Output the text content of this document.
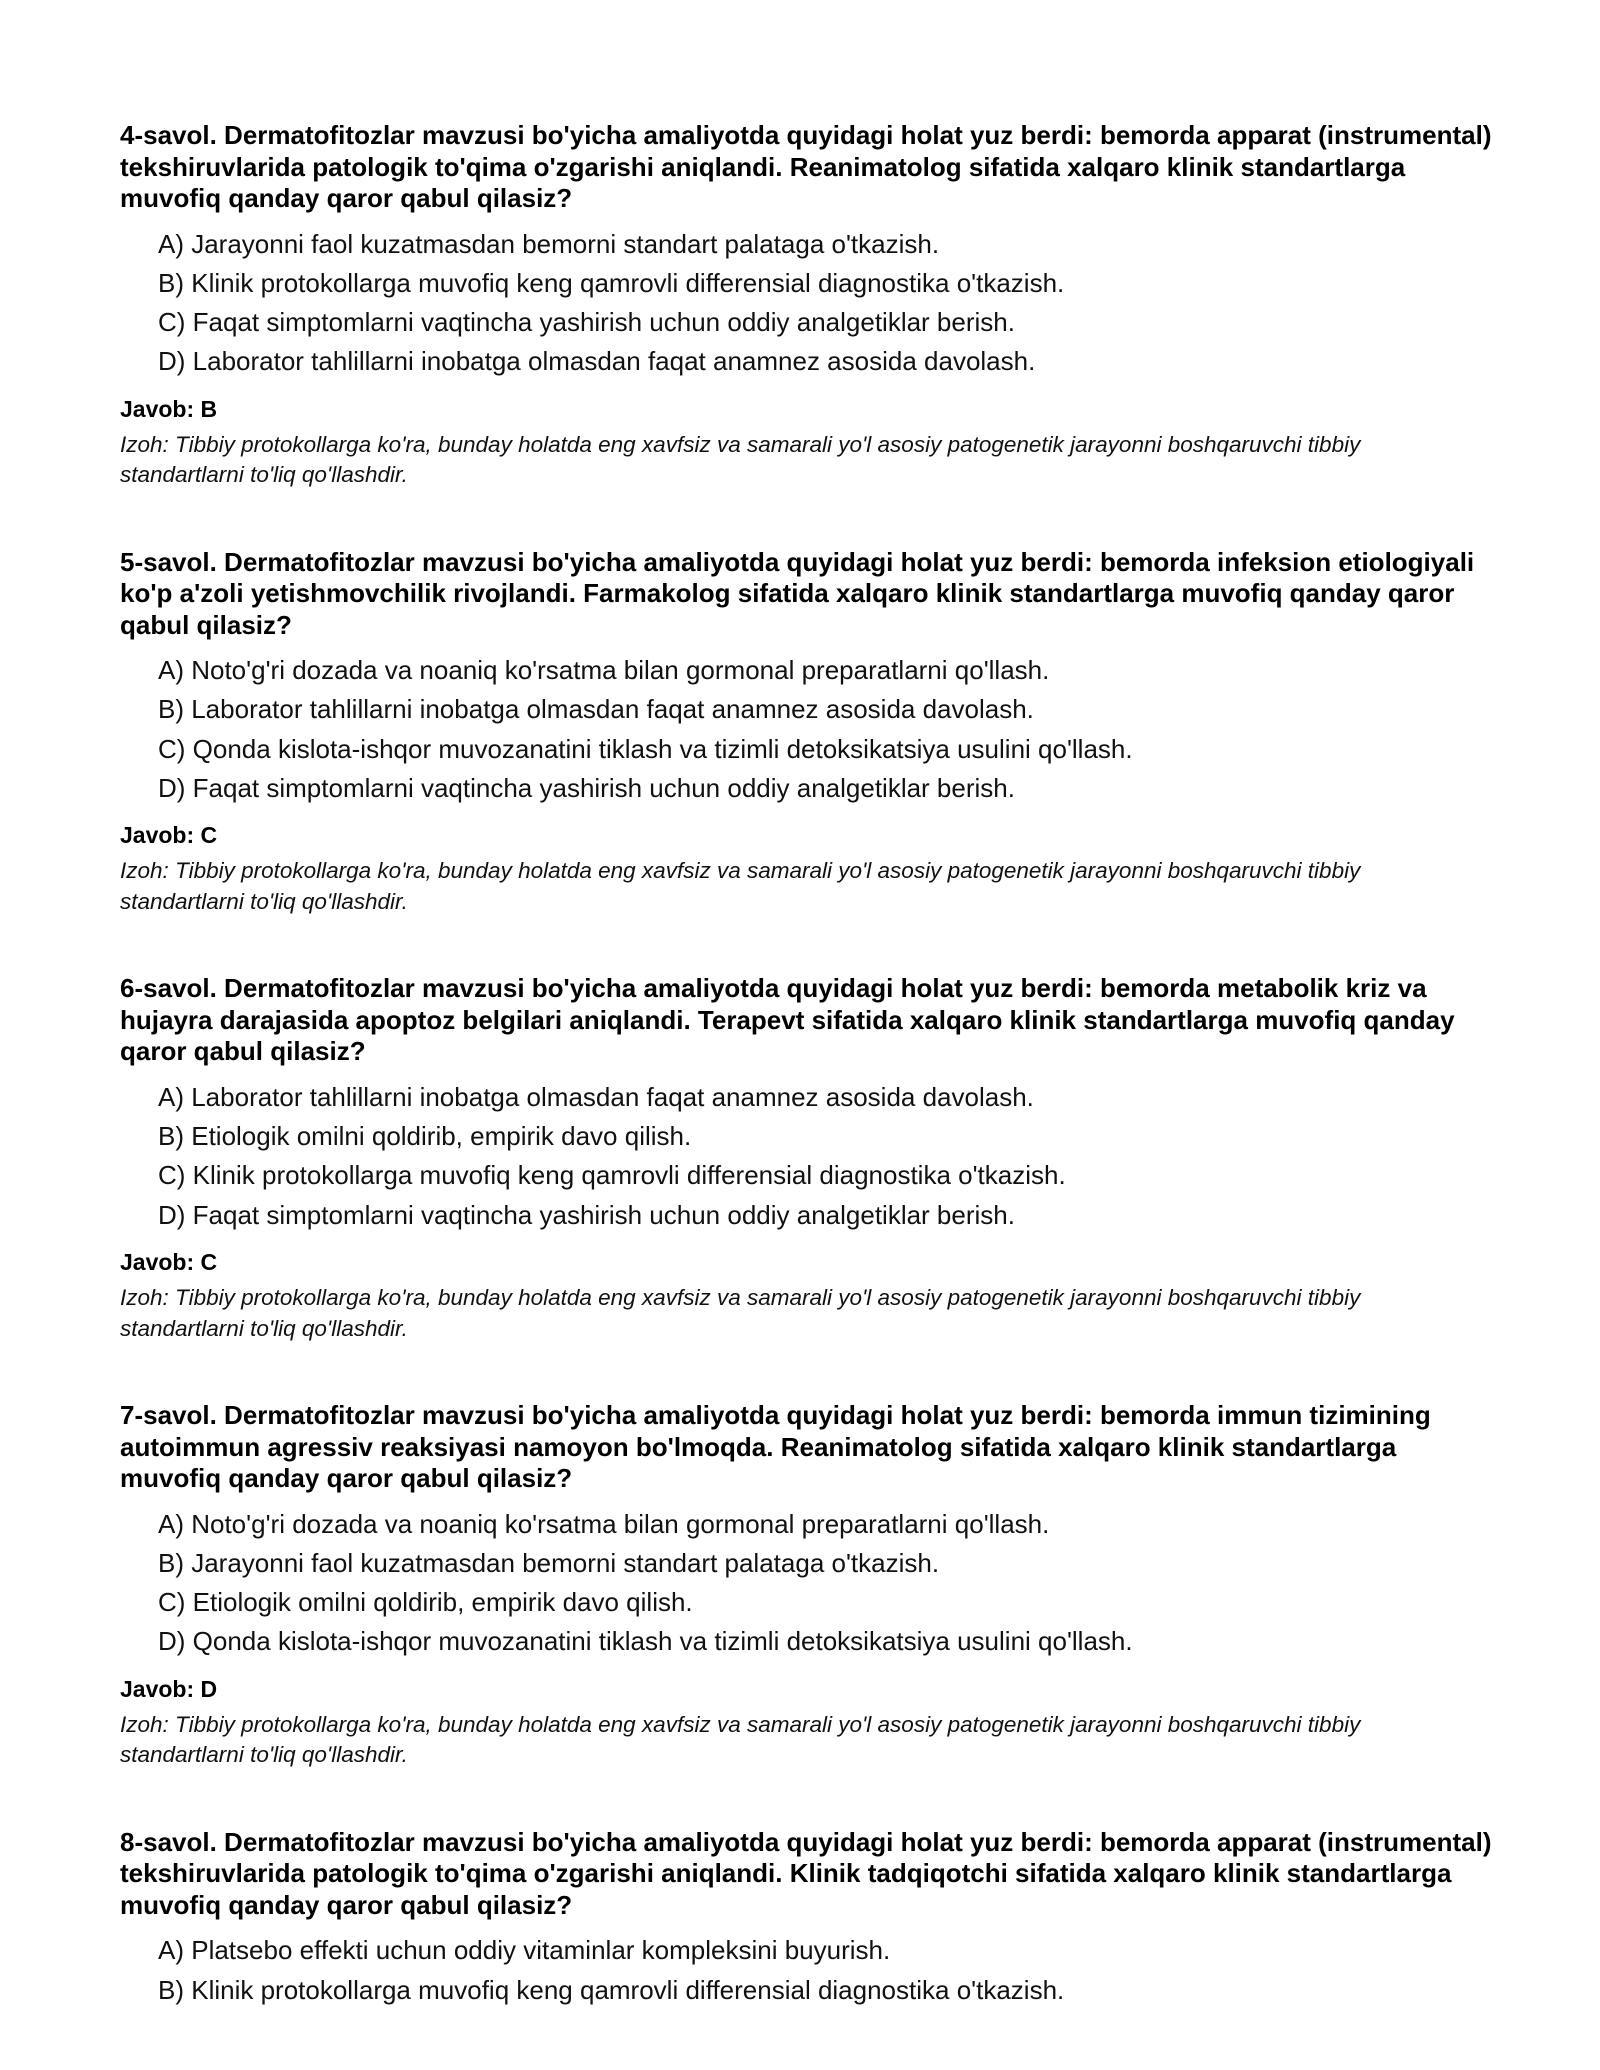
4-savol. Dermatofitozlar mavzusi bo'yicha amaliyotda quyidagi holat yuz berdi: bemorda apparat (instrumental) tekshiruvlarida patologik to'qima o'zgarishi aniqlandi. Reanimatolog sifatida xalqaro klinik standartlarga muvofiq qanday qaror qabul qilasiz?
A) Jarayonni faol kuzatmasdan bemorni standart palataga o'tkazish.
B) Klinik protokollarga muvofiq keng qamrovli differensial diagnostika o'tkazish.
C) Faqat simptomlarni vaqtincha yashirish uchun oddiy analgetiklar berish.
D) Laborator tahlillarni inobatga olmasdan faqat anamnez asosida davolash.
Javob: B
Izoh: Tibbiy protokollarga ko'ra, bunday holatda eng xavfsiz va samarali yo'l asosiy patogenetik jarayonni boshqaruvchi tibbiy standartlarni to'liq qo'llashdir.
5-savol. Dermatofitozlar mavzusi bo'yicha amaliyotda quyidagi holat yuz berdi: bemorda infeksion etiologiyali ko'p a'zoli yetishmovchilik rivojlandi. Farmakolog sifatida xalqaro klinik standartlarga muvofiq qanday qaror qabul qilasiz?
A) Noto'g'ri dozada va noaniq ko'rsatma bilan gormonal preparatlarni qo'llash.
B) Laborator tahlillarni inobatga olmasdan faqat anamnez asosida davolash.
C) Qonda kislota-ishqor muvozanatini tiklash va tizimli detoksikatsiya usulini qo'llash.
D) Faqat simptomlarni vaqtincha yashirish uchun oddiy analgetiklar berish.
Javob: C
Izoh: Tibbiy protokollarga ko'ra, bunday holatda eng xavfsiz va samarali yo'l asosiy patogenetik jarayonni boshqaruvchi tibbiy standartlarni to'liq qo'llashdir.
6-savol. Dermatofitozlar mavzusi bo'yicha amaliyotda quyidagi holat yuz berdi: bemorda metabolik kriz va hujayra darajasida apoptoz belgilari aniqlandi. Terapevt sifatida xalqaro klinik standartlarga muvofiq qanday qaror qabul qilasiz?
A) Laborator tahlillarni inobatga olmasdan faqat anamnez asosida davolash.
B) Etiologik omilni qoldirib, empirik davo qilish.
C) Klinik protokollarga muvofiq keng qamrovli differensial diagnostika o'tkazish.
D) Faqat simptomlarni vaqtincha yashirish uchun oddiy analgetiklar berish.
Javob: C
Izoh: Tibbiy protokollarga ko'ra, bunday holatda eng xavfsiz va samarali yo'l asosiy patogenetik jarayonni boshqaruvchi tibbiy standartlarni to'liq qo'llashdir.
7-savol. Dermatofitozlar mavzusi bo'yicha amaliyotda quyidagi holat yuz berdi: bemorda immun tizimining autoimmun agressiv reaksiyasi namoyon bo'lmoqda. Reanimatolog sifatida xalqaro klinik standartlarga muvofiq qanday qaror qabul qilasiz?
A) Noto'g'ri dozada va noaniq ko'rsatma bilan gormonal preparatlarni qo'llash.
B) Jarayonni faol kuzatmasdan bemorni standart palataga o'tkazish.
C) Etiologik omilni qoldirib, empirik davo qilish.
D) Qonda kislota-ishqor muvozanatini tiklash va tizimli detoksikatsiya usulini qo'llash.
Javob: D
Izoh: Tibbiy protokollarga ko'ra, bunday holatda eng xavfsiz va samarali yo'l asosiy patogenetik jarayonni boshqaruvchi tibbiy standartlarni to'liq qo'llashdir.
8-savol. Dermatofitozlar mavzusi bo'yicha amaliyotda quyidagi holat yuz berdi: bemorda apparat (instrumental) tekshiruvlarida patologik to'qima o'zgarishi aniqlandi. Klinik tadqiqotchi sifatida xalqaro klinik standartlarga muvofiq qanday qaror qabul qilasiz?
A) Platsebo effekti uchun oddiy vitaminlar kompleksini buyurish.
B) Klinik protokollarga muvofiq keng qamrovli differensial diagnostika o'tkazish.
